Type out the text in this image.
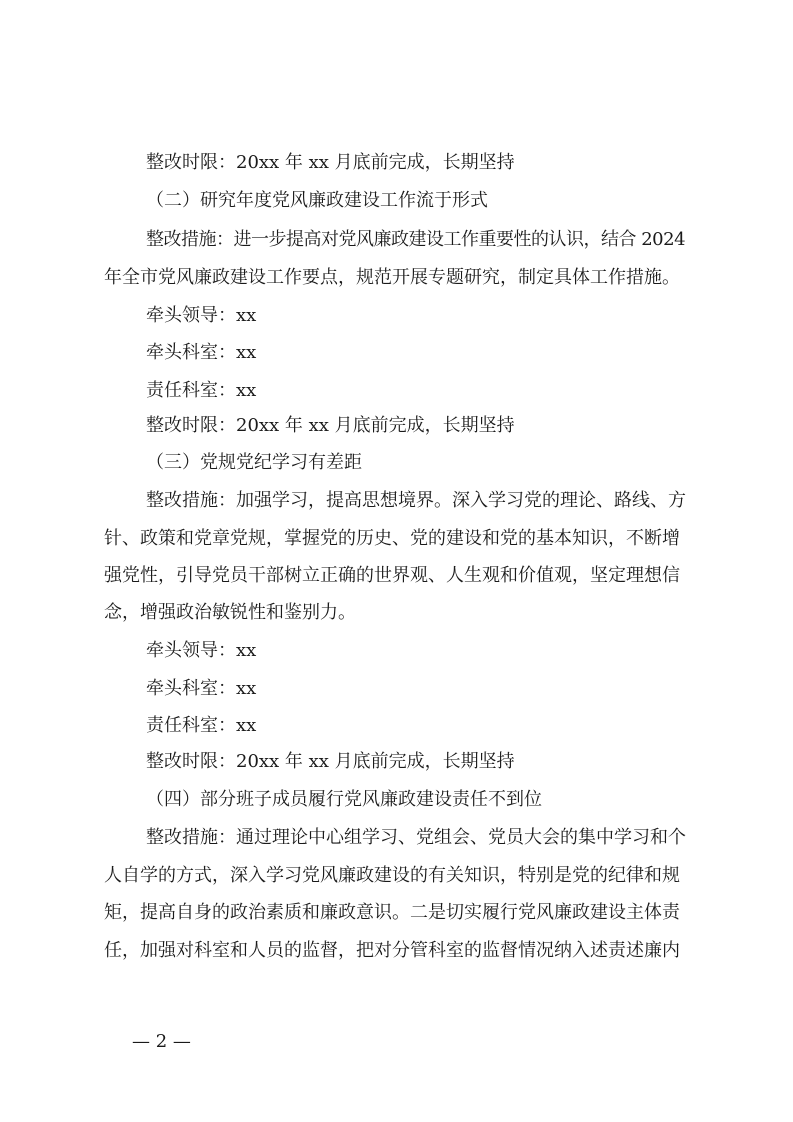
整改时限：20xx 年 xx 月底前完成，长期坚持

（二）研究年度党风廉政建设工作流于形式

整改措施：进一步提高对党风廉政建设工作重要性的认识，结合 2024

年全市党风廉政建设工作要点，规范开展专题研究，制定具体工作措施。

牵头领导：xx

牵头科室：xx

责任科室：xx

整改时限：20xx 年 xx 月底前完成，长期坚持

（三）党规党纪学习有差距

整改措施：加强学习，提高思想境界。深入学习党的理论、路线、方

针、政策和党章党规，掌握党的历史、党的建设和党的基本知识，不断增

强党性，引导党员干部树立正确的世界观、人生观和价值观，坚定理想信

念，增强政治敏锐性和鉴别力。

牵头领导：xx

牵头科室：xx

责任科室：xx

整改时限：20xx 年 xx 月底前完成，长期坚持

（四）部分班子成员履行党风廉政建设责任不到位

整改措施：通过理论中心组学习、党组会、党员大会的集中学习和个

人自学的方式，深入学习党风廉政建设的有关知识，特别是党的纪律和规

矩，提高自身的政治素质和廉政意识。二是切实履行党风廉政建设主体责

任，加强对科室和人员的监督，把对分管科室的监督情况纳入述责述廉内

— 2 —
